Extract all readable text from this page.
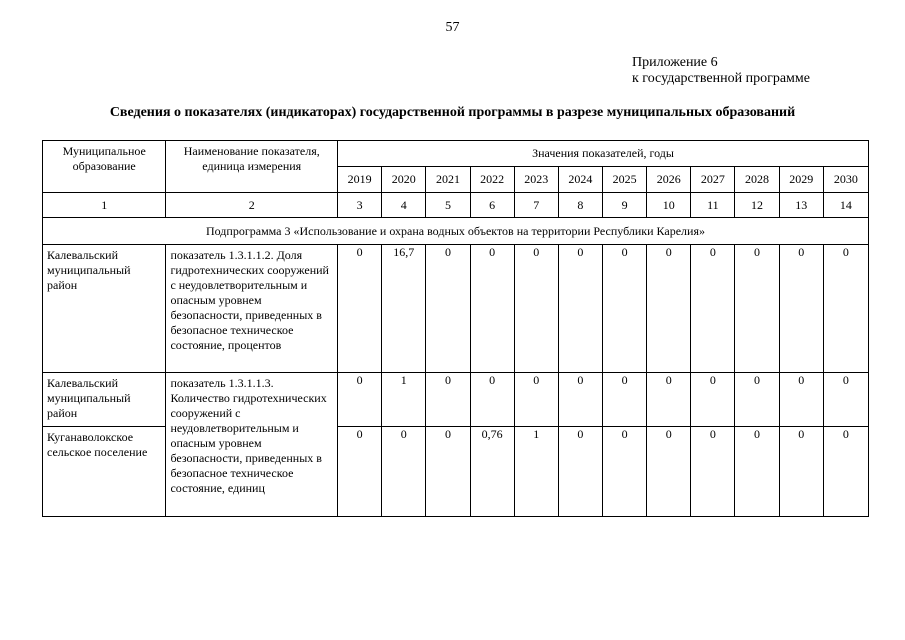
57
Приложение 6
к государственной программе
Сведения о показателях (индикаторах) государственной программы в разрезе муниципальных образований
Муниципальное образование	Наименование показателя, единица измерения	Значения показателей, годы											
		2019	2020	2021	2022	2023	2024	2025	2026	2027	2028	2029	2030
1	2	3	4	5	6	7	8	9	10	11	12	13	14
Подпрограмма 3 «Использование и охрана водных объектов на территории Республики Карелия»													

Калевальский муниципальный район	показатель 1.3.1.1.2. Доля гидротехнических сооружений с неудовлетворительным и опасным уровнем безопасности, приведенных в безопасное техническое состояние, процентов	0	16,7	0	0	0	0	0	0	0	0	0	0

Калевальский муниципальный район	показатель 1.3.1.1.3. Количество гидротехнических сооружений с неудовлетворительным и опасным уровнем безопасности, приведенных в безопасное техническое состояние, единиц	0	1	0	0	0	0	0	0	0	0	0	0

Куганаволокское сельское поселение		0	0	0	0,76	1	0	0	0	0	0	0	0
